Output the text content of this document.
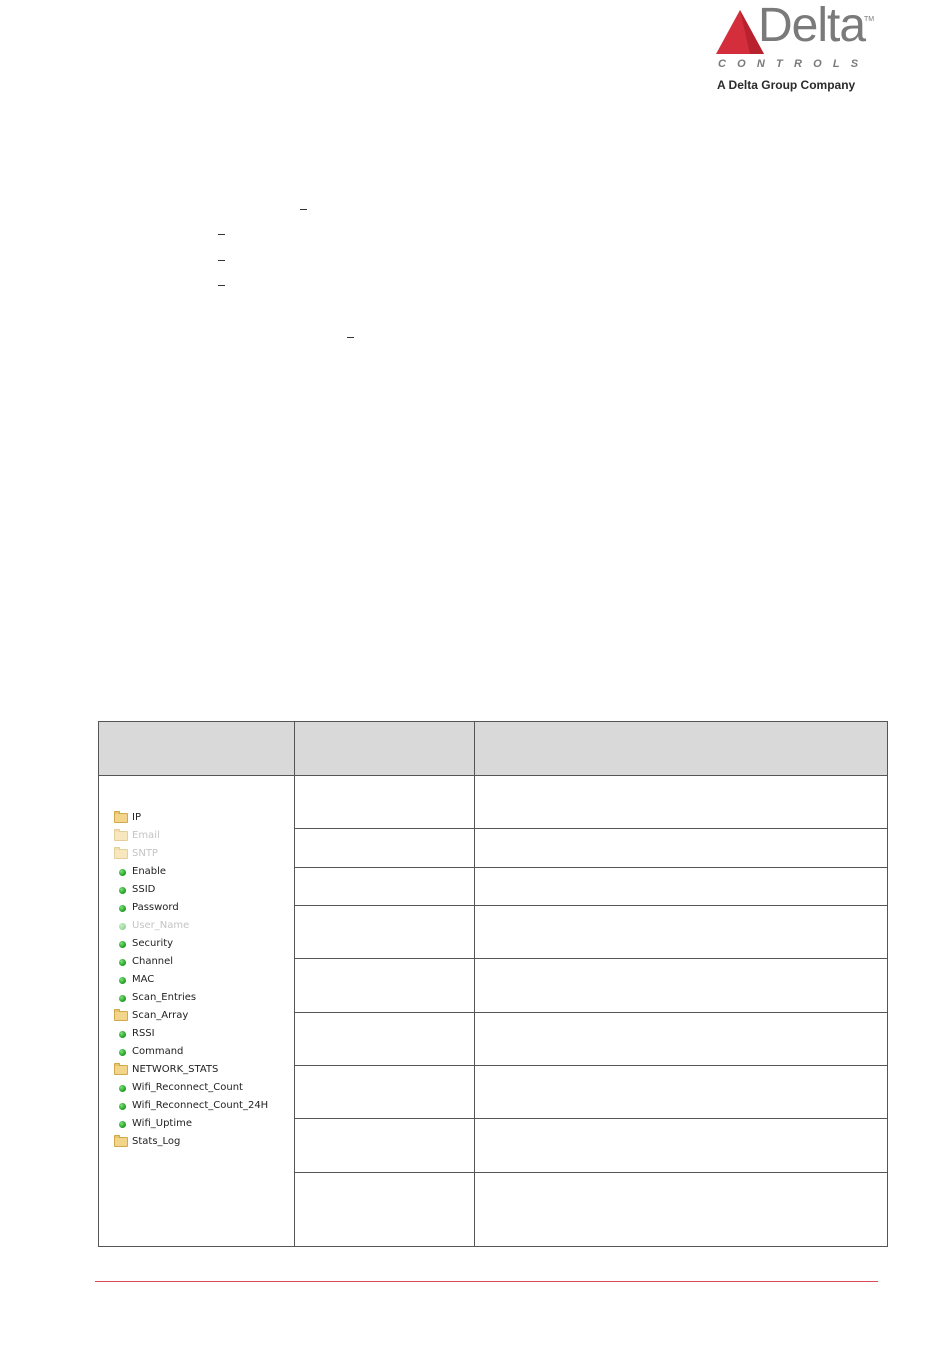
Delta
TM
CONTROLS
A Delta Group Company
IP
Email
SNTP
Enable
SSID
Password
User_Name
Security
Channel
MAC
Scan_Entries
Scan_Array
RSSI
Command
NETWORK_STATS
Wifi_Reconnect_Count
Wifi_Reconnect_Count_24H
Wifi_Uptime
Stats_Log
